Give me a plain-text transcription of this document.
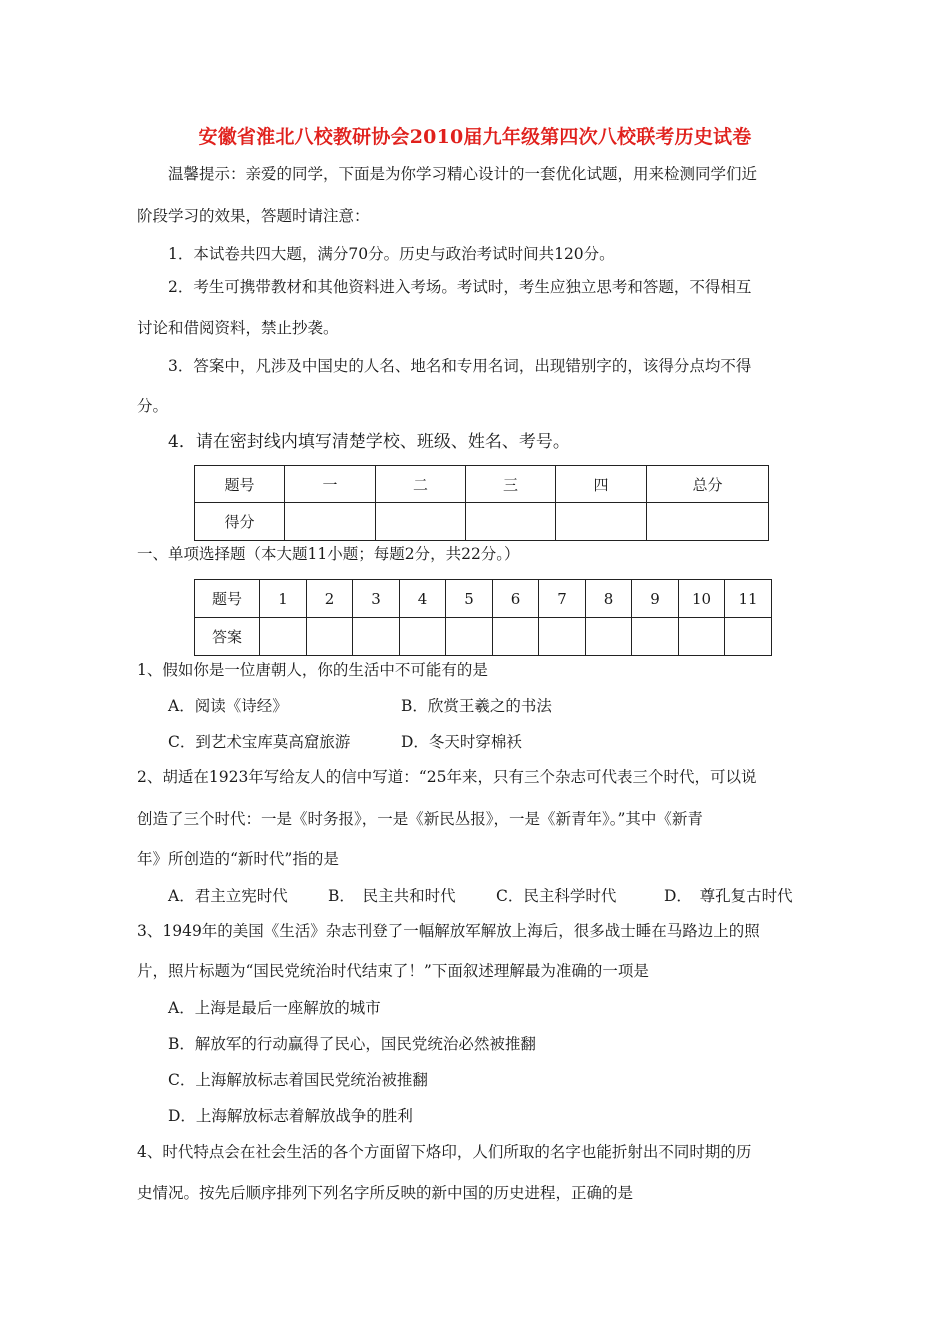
安徽省淮北八校教研协会2010届九年级第四次八校联考历史试卷
温馨提示：亲爱的同学，下面是为你学习精心设计的一套优化试题，用来检测同学们近
阶段学习的效果，答题时请注意：
1．本试卷共四大题，满分70分。历史与政治考试时间共120分。
2．考生可携带教材和其他资料进入考场。考试时，考生应独立思考和答题，不得相互
讨论和借阅资料，禁止抄袭。
3．答案中，凡涉及中国史的人名、地名和专用名词，出现错别字的，该得分点均不得
分。
4．请在密封线内填写清楚学校、班级、姓名、考号。
题号	一	二	三	四	总分
得分					
一、单项选择题（本大题11小题；每题2分，共22分。）
题号	1	2	3	4	5	6	7	8	9	10	11
答案											
1、假如你是一位唐朝人，你的生活中不可能有的是
A．阅读《诗经》	B．欣赏王羲之的书法
C．到艺术宝库莫高窟旅游	D．冬天时穿棉袄
2、胡适在1923年写给友人的信中写道：“25年来，只有三个杂志可代表三个时代，可以说
创造了三个时代：一是《时务报》，一是《新民丛报》，一是《新青年》。”其中《新青
年》所创造的“新时代”指的是
A．君主立宪时代	B．　民主共和时代	C．民主科学时代	D．　尊孔复古时代
3、1949年的美国《生活》杂志刊登了一幅解放军解放上海后，很多战士睡在马路边上的照
片，照片标题为“国民党统治时代结束了！”下面叙述理解最为准确的一项是
A．上海是最后一座解放的城市
B．解放军的行动赢得了民心，国民党统治必然被推翻
C．上海解放标志着国民党统治被推翻
D．上海解放标志着解放战争的胜利
4、时代特点会在社会生活的各个方面留下烙印，人们所取的名字也能折射出不同时期的历
史情况。按先后顺序排列下列名字所反映的新中国的历史进程，正确的是
